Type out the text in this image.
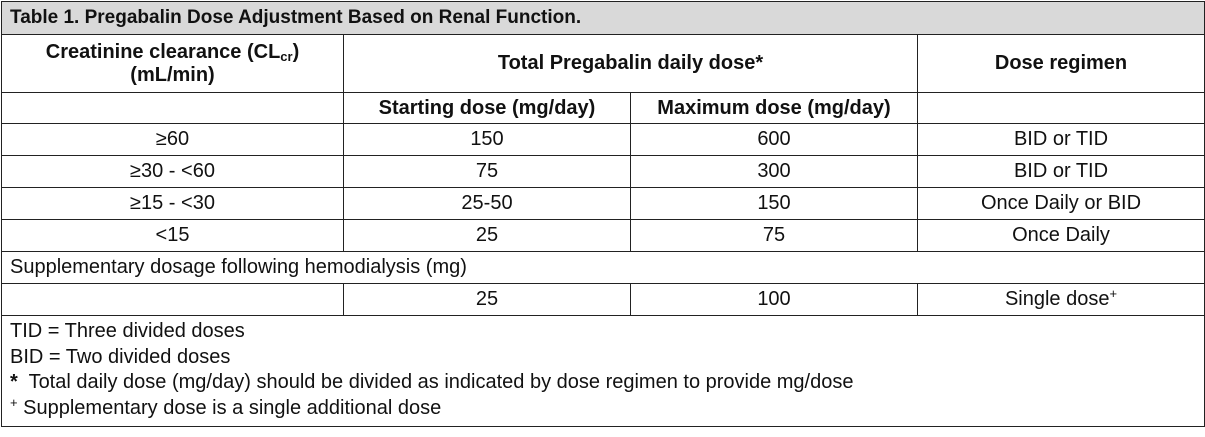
Table 1. Pregabalin Dose Adjustment Based on Renal Function.			
Creatinine clearance $(CL_{cr})$
(mL/min)	Total Pregabalin daily dose*		Dose regimen
	Starting dose (mg/day)	Maximum dose (mg/day)	
≥60	150	600	BID or TID
≥30 - <60	75	300	BID or TID
≥15 - <30	25-50	150	Once Daily or BID
<15	25	75	Once Daily
Supplementary dosage following hemodialysis (mg)			
	25	100	Single dose+

TID = Three divided doses
BID = Two divided doses
* Total daily dose (mg/day) should be divided as indicated by dose regimen to provide mg/dose
+ Supplementary dose is a single additional dose			
